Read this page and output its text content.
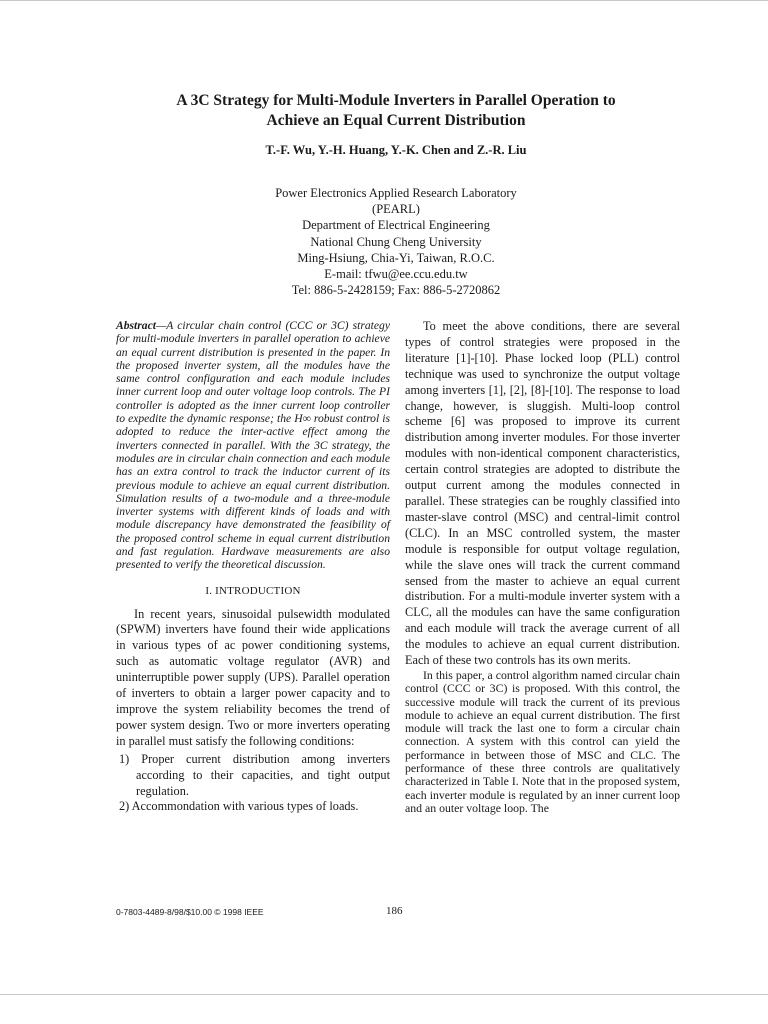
A 3C Strategy for Multi-Module Inverters in Parallel Operation to
Achieve an Equal Current Distribution
T.-F. Wu, Y.-H. Huang, Y.-K. Chen and Z.-R. Liu
Power Electronics Applied Research Laboratory
(PEARL)
Department of Electrical Engineering
National Chung Cheng University
Ming-Hsiung, Chia-Yi, Taiwan, R.O.C.
E-mail: tfwu@ee.ccu.edu.tw
Tel: 886-5-2428159; Fax: 886-5-2720862

Abstract—A circular chain control (CCC or 3C) strategy for multi-module inverters in parallel operation to achieve an equal current distribution is presented in the paper. In the proposed inverter system, all the modules have the same control configuration and each module includes inner current loop and outer voltage loop controls. The PI controller is adopted as the inner current loop controller to expedite the dynamic response; the H∞ robust control is adopted to reduce the inter-active effect among the inverters connected in parallel. With the 3C strategy, the modules are in circular chain connection and each module has an extra control to track the inductor current of its previous module to achieve an equal current distribution. Simulation results of a two-module and a three-module inverter systems with different kinds of loads and with module discrepancy have demonstrated the feasibility of the proposed control scheme in equal current distribution and fast regulation. Hardwave measurements are also presented to verify the theoretical discussion.

I. INTRODUCTION

In recent years, sinusoidal pulsewidth modulated (SPWM) inverters have found their wide applications in various types of ac power conditioning systems, such as automatic voltage regulator (AVR) and uninterruptible power supply (UPS). Parallel operation of inverters to obtain a larger power capacity and to improve the system reliability becomes the trend of power system design. Two or more inverters operating in parallel must satisfy the following conditions:

1) Proper current distribution among inverters according to their capacities, and tight output regulation.
2) Accommondation with various types of loads.

To meet the above conditions, there are several types of control strategies were proposed in the literature [1]-[10]. Phase locked loop (PLL) control technique was used to synchronize the output voltage among inverters [1], [2], [8]-[10]. The response to load change, however, is sluggish. Multi-loop control scheme [6] was proposed to improve its current distribution among inverter modules. For those inverter modules with non-identical component characteristics, certain control strategies are adopted to distribute the output current among the modules connected in parallel. These strategies can be roughly classified into master-slave control (MSC) and central-limit control (CLC). In an MSC controlled system, the master module is responsible for output voltage regulation, while the slave ones will track the current command sensed from the master to achieve an equal current distribution. For a multi-module inverter system with a CLC, all the modules can have the same configuration and each module will track the average current of all the modules to achieve an equal current distribution. Each of these two controls has its own merits.

In this paper, a control algorithm named circular chain control (CCC or 3C) is proposed. With this control, the successive module will track the current of its previous module to achieve an equal current distribution. The first module will track the last one to form a circular chain connection. A system with this control can yield the performance in between those of MSC and CLC. The performance of these three controls are qualitatively characterized in Table I. Note that in the proposed system, each inverter module is regulated by an inner current loop and an outer voltage loop. The

0-7803-4489-8/98/$10.00 © 1998 IEEE	186
